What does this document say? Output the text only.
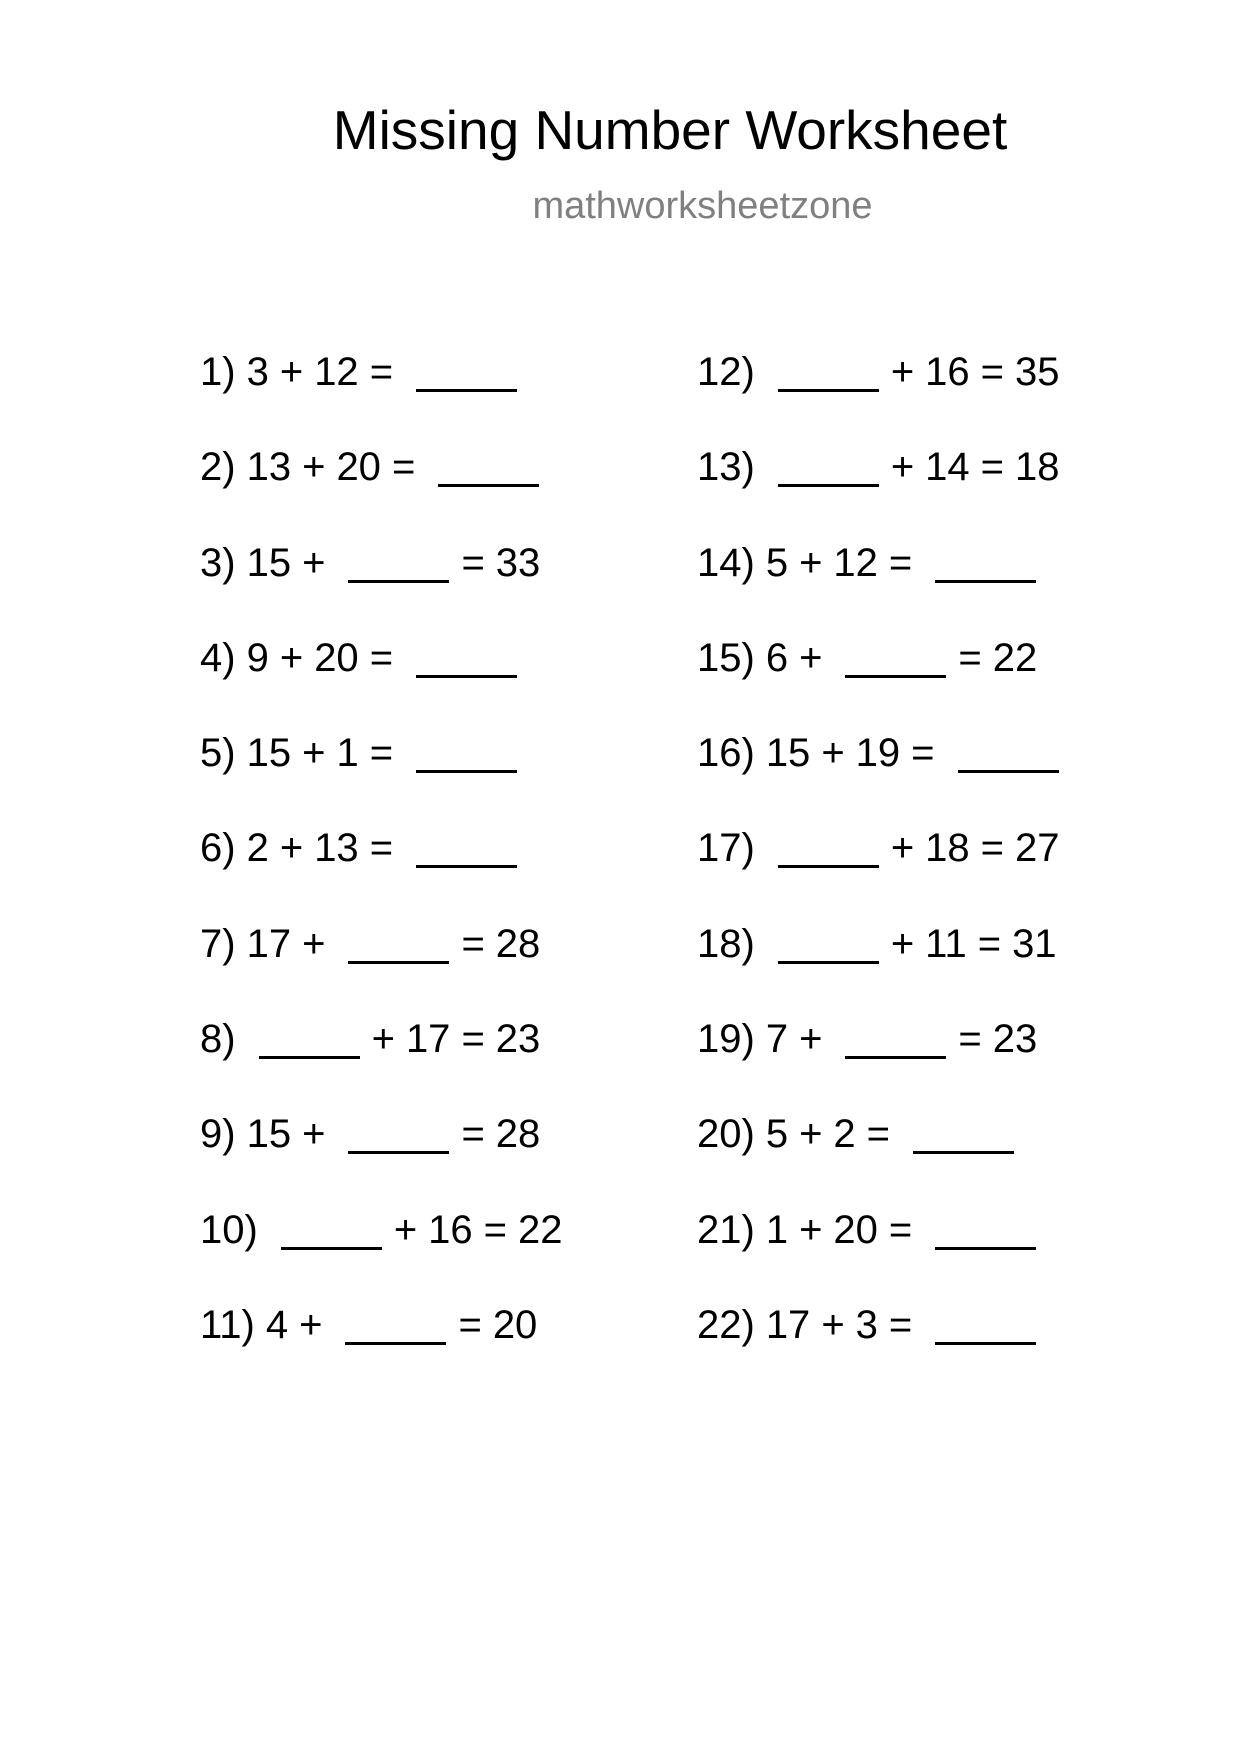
Missing Number Worksheet
mathworksheetzone
1) 3 + 12 =
2) 13 + 20 =
3) 15 +	= 33
4) 9 + 20 =
5) 15 + 1 =
6) 2 + 13 =
7) 17 +	= 28
8)	+ 17 = 23
9) 15 +	= 28
10)	+ 16 = 22
11) 4 +	= 20
12)	+ 16 = 35
13)	+ 14 = 18
14) 5 + 12 =
15) 6 +	= 22
16) 15 + 19 =
17)	+ 18 = 27
18)	+ 11 = 31
19) 7 +	= 23
20) 5 + 2 =
21) 1 + 20 =
22) 17 + 3 =
